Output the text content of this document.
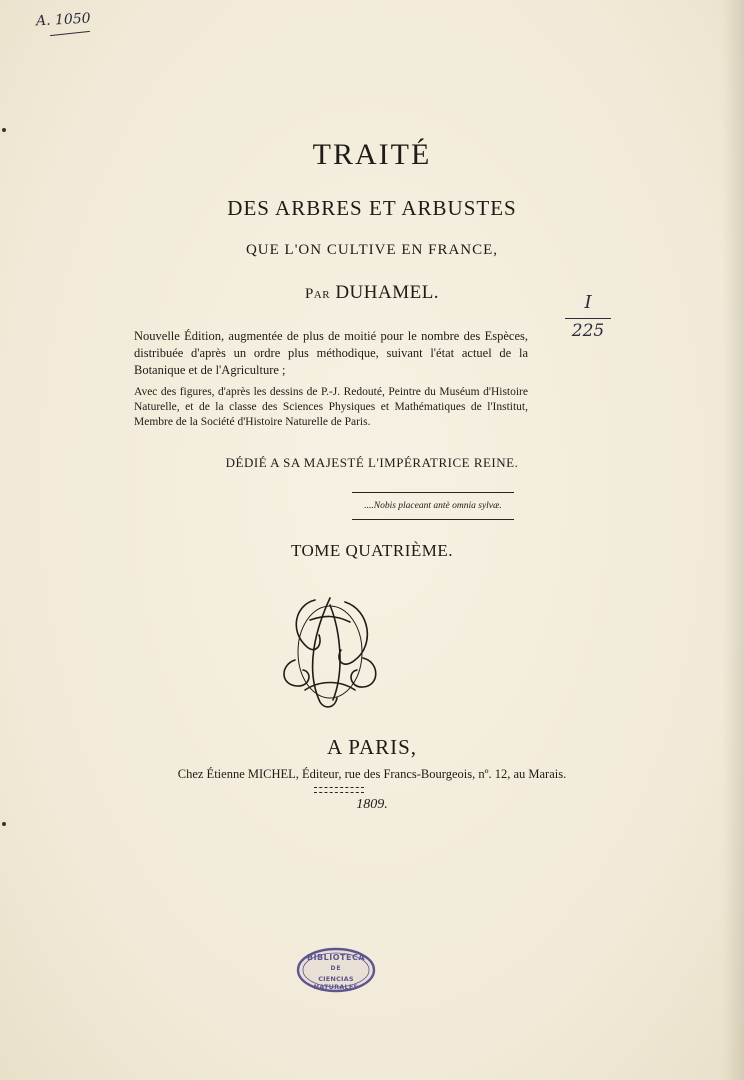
A. 1050
I
225
TRAITÉ
DES ARBRES ET ARBUSTES
QUE L'ON CULTIVE EN FRANCE,
Par DUHAMEL.
Nouvelle Édition, augmentée de plus de moitié pour le nombre des Espèces, distribuée d'après un ordre plus méthodique, suivant l'état actuel de la Botanique et de l'Agriculture ;
Avec des figures, d'après les dessins de P.-J. Redouté, Peintre du Muséum d'Histoire Naturelle, et de la classe des Sciences Physiques et Mathématiques de l'Institut, Membre de la Société d'Histoire Naturelle de Paris.
DÉDIÉ A SA MAJESTÉ L'IMPÉRATRICE REINE.
....Nobis placeant antè omnia sylvæ.
TOME QUATRIÈME.
A PARIS,
Chez Étienne MICHEL, Éditeur, rue des Francs-Bourgeois, nº. 12, au Marais.
1809.
BIBLIOTECA
DE
CIENCIAS NATURALES
